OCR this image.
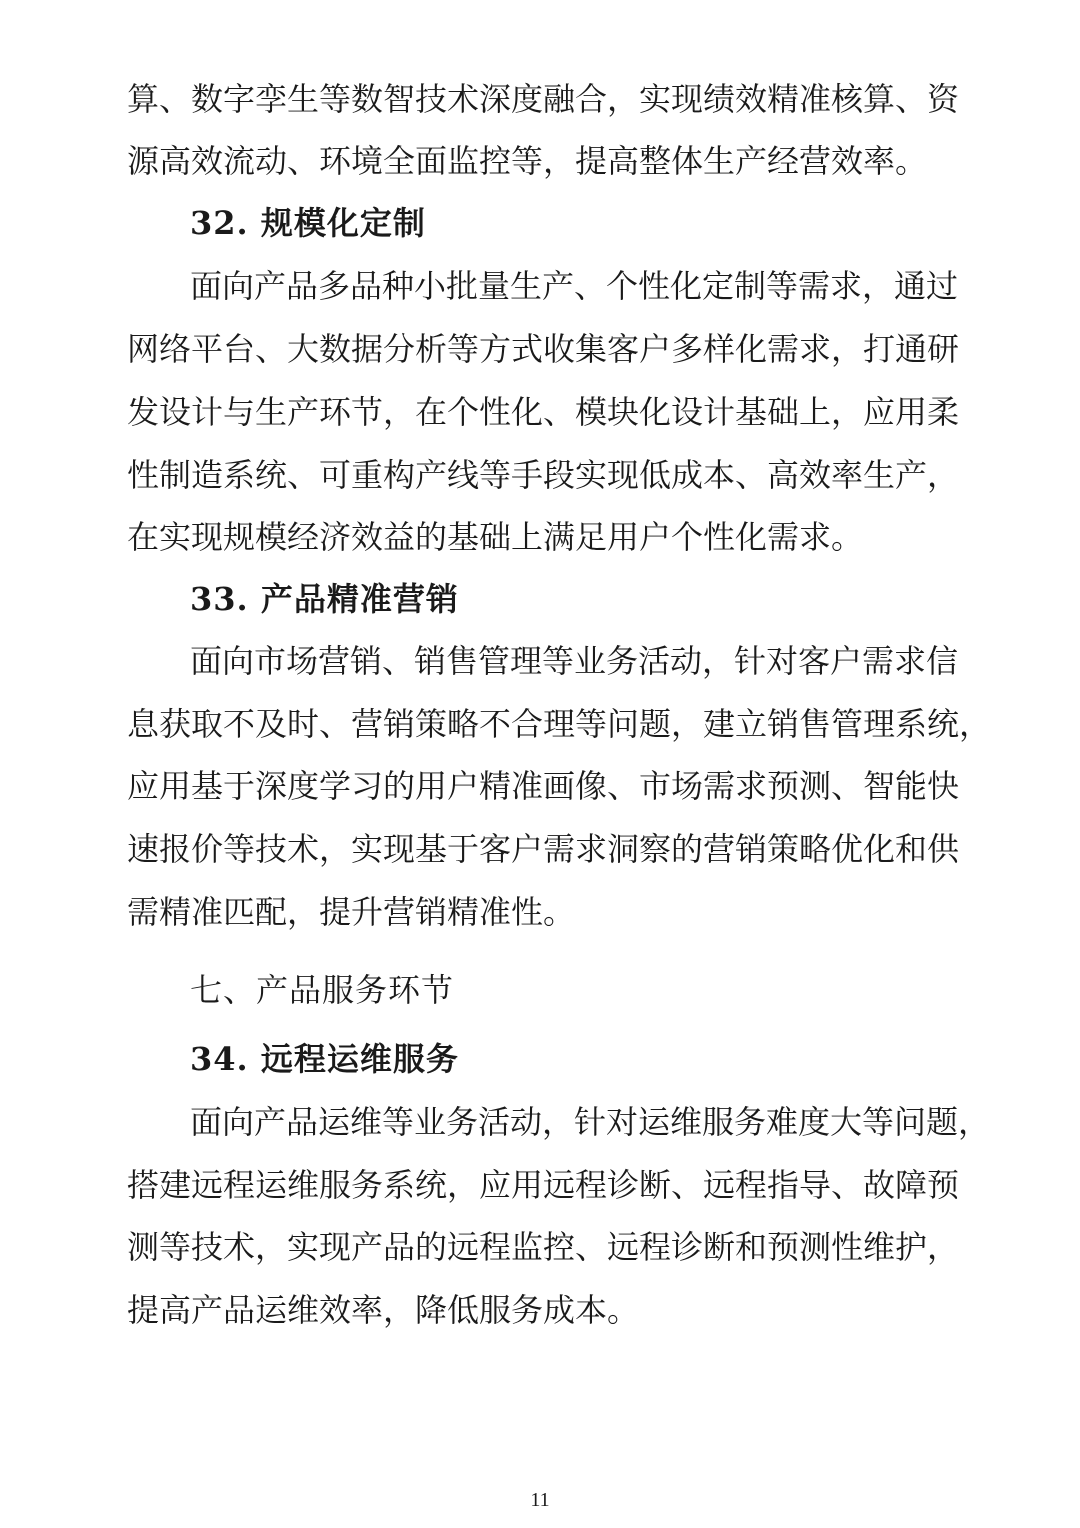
算、数字孪生等数智技术深度融合，实现绩效精准核算、资
源高效流动、环境全面监控等，提高整体生产经营效率。
32. 规模化定制
面向产品多品种小批量生产、个性化定制等需求，通过
网络平台、大数据分析等方式收集客户多样化需求，打通研
发设计与生产环节，在个性化、模块化设计基础上，应用柔
性制造系统、可重构产线等手段实现低成本、高效率生产，
在实现规模经济效益的基础上满足用户个性化需求。
33. 产品精准营销
面向市场营销、销售管理等业务活动，针对客户需求信
息获取不及时、营销策略不合理等问题，建立销售管理系统，
应用基于深度学习的用户精准画像、市场需求预测、智能快
速报价等技术，实现基于客户需求洞察的营销策略优化和供
需精准匹配，提升营销精准性。
七、产品服务环节
34. 远程运维服务
面向产品运维等业务活动，针对运维服务难度大等问题，
搭建远程运维服务系统，应用远程诊断、远程指导、故障预
测等技术，实现产品的远程监控、远程诊断和预测性维护，
提高产品运维效率，降低服务成本。
11
